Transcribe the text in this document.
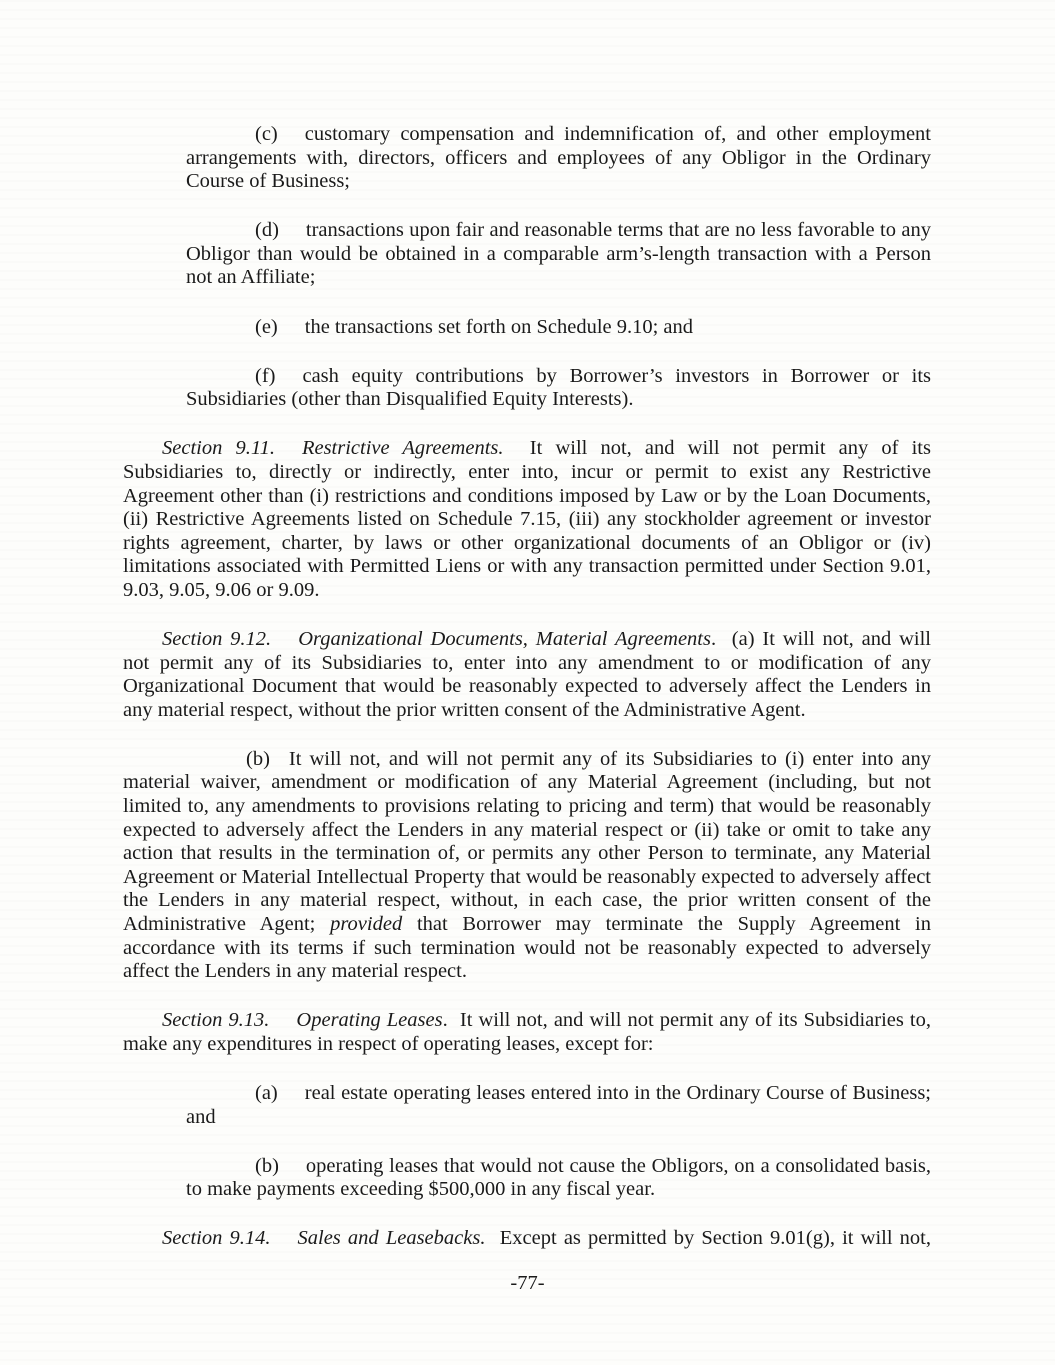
(c) customary compensation and indemnification of, and other employment arrangements with, directors, officers and employees of any Obligor in the Ordinary Course of Business;

(d) transactions upon fair and reasonable terms that are no less favorable to any Obligor than would be obtained in a comparable arm’s-length transaction with a Person not an Affiliate;

(e) the transactions set forth on Schedule 9.10; and

(f) cash equity contributions by Borrower’s investors in Borrower or its Subsidiaries (other than Disqualified Equity Interests).

Section 9.11. Restrictive Agreements.  It will not, and will not permit any of its Subsidiaries to, directly or indirectly, enter into, incur or permit to exist any Restrictive Agreement other than (i) restrictions and conditions imposed by Law or by the Loan Documents, (ii) Restrictive Agreements listed on Schedule 7.15, (iii) any stockholder agreement or investor rights agreement, charter, by laws or other organizational documents of an Obligor or (iv) limitations associated with Permitted Liens or with any transaction permitted under Section 9.01, 9.03, 9.05, 9.06 or 9.09.

Section 9.12. Organizational Documents, Material Agreements.  (a) It will not, and will not permit any of its Subsidiaries to, enter into any amendment to or modification of any Organizational Document that would be reasonably expected to adversely affect the Lenders in any material respect, without the prior written consent of the Administrative Agent.

(b) It will not, and will not permit any of its Subsidiaries to (i) enter into any material waiver, amendment or modification of any Material Agreement (including, but not limited to, any amendments to provisions relating to pricing and term) that would be reasonably expected to adversely affect the Lenders in any material respect or (ii) take or omit to take any action that results in the termination of, or permits any other Person to terminate, any Material Agreement or Material Intellectual Property that would be reasonably expected to adversely affect the Lenders in any material respect, without, in each case, the prior written consent of the Administrative Agent; provided that Borrower may terminate the Supply Agreement in accordance with its terms if such termination would not be reasonably expected to adversely affect the Lenders in any material respect.

Section 9.13. Operating Leases.  It will not, and will not permit any of its Subsidiaries to, make any expenditures in respect of operating leases, except for:

(a) real estate operating leases entered into in the Ordinary Course of Business; and

(b) operating leases that would not cause the Obligors, on a consolidated basis, to make payments exceeding $500,000 in any fiscal year.

Section 9.14. Sales and Leasebacks.  Except as permitted by Section 9.01(g), it will not,

-77-
